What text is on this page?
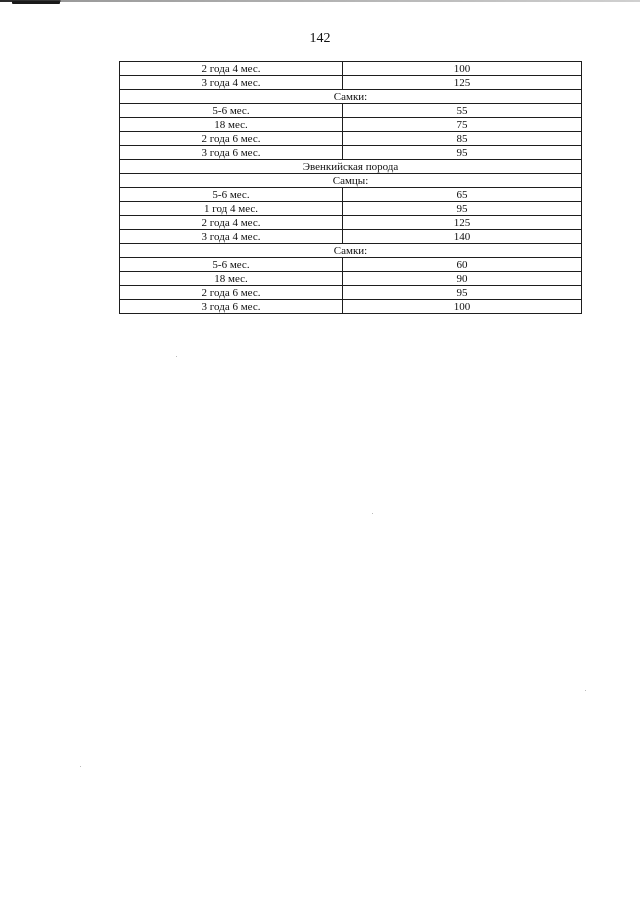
142
2 года 4 мес.	100
3 года 4 мес.	125
Самки:	
5-6 мес.	55
18 мес.	75
2 года 6 мес.	85
3 года 6 мес.	95
Эвенкийская порода	
Самцы:	
5-6 мес.	65
1 год 4 мес.	95
2 года 4 мес.	125
3 года 4 мес.	140
Самки:	
5-6 мес.	60
18 мес.	90
2 года 6 мес.	95
3 года 6 мес.	100
